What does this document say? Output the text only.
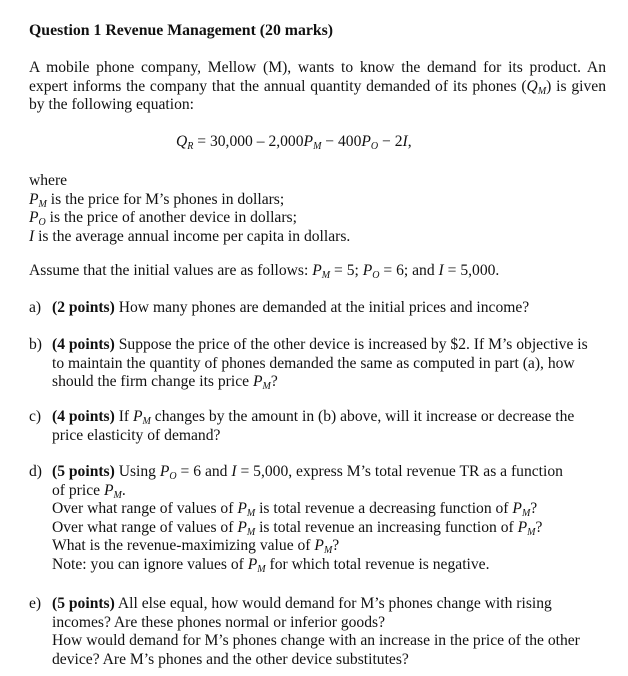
Question 1 Revenue Management (20 marks)
A mobile phone company, Mellow (M), wants to know the demand for its product. An expert informs the company that the annual quantity demanded of its phones $(Q_M)$ is given by the following equation:
$Q_R = 30,000 - 2,000P_M - 400P_O - 2I$,
where
$P_M$ is the price for M’s phones in dollars;
$P_O$ is the price of another device in dollars;
I is the average annual income per capita in dollars.
Assume that the initial values are as follows: $P_M = 5$; $P_O = 6$; and I = 5,000.
a) (2 points) How many phones are demanded at the initial prices and income?
b) (4 points) Suppose the price of the other device is increased by $2. If M’s objective is
to maintain the quantity of phones demanded the same as computed in part (a), how
should the firm change its price $P_M$?
c) (4 points) If $P_M$ changes by the amount in (b) above, will it increase or decrease the
price elasticity of demand?
d) (5 points) Using $P_O = 6$ and I = 5,000, express M’s total revenue TR as a function
of price $P_M$.
Over what range of values of $P_M$ is total revenue a decreasing function of $P_M$?
Over what range of values of $P_M$ is total revenue an increasing function of $P_M$?
What is the revenue-maximizing value of $P_M$?
Note: you can ignore values of $P_M$ for which total revenue is negative.
e) (5 points) All else equal, how would demand for M’s phones change with rising
incomes? Are these phones normal or inferior goods?
How would demand for M’s phones change with an increase in the price of the other
device? Are M’s phones and the other device substitutes?
